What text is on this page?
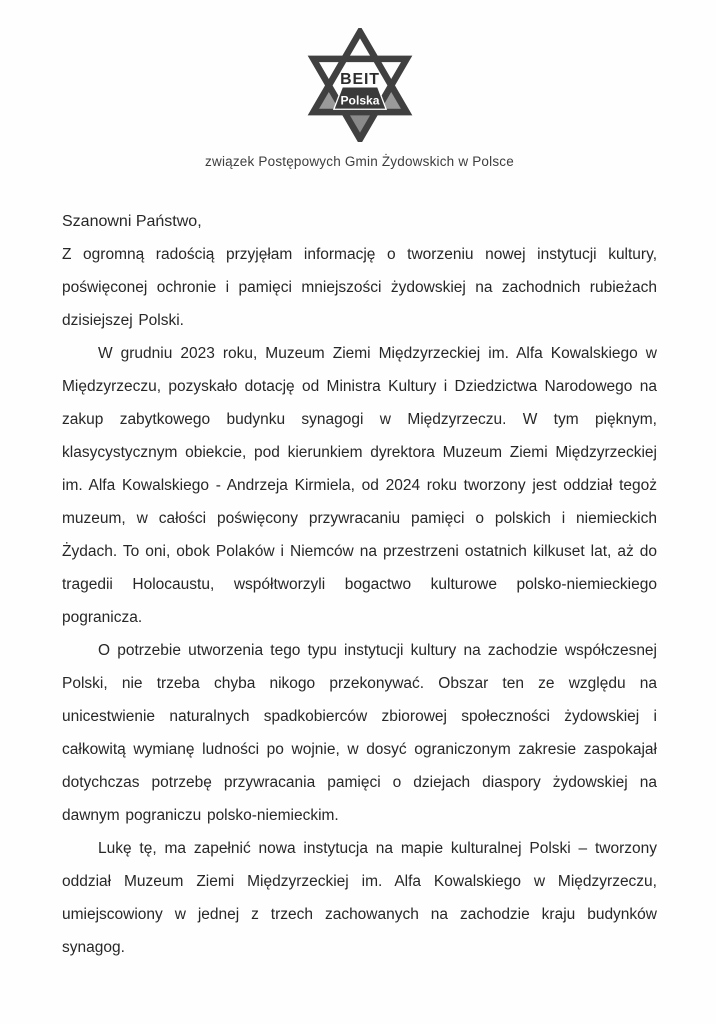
BEIT
Polska
związek Postępowych Gmin Żydowskich w Polsce

Szanowni Państwo,

Z ogromną radością przyjęłam informację o tworzeniu nowej instytucji kultury, poświęconej ochronie i pamięci mniejszości żydowskiej na zachodnich rubieżach dzisiejszej Polski.

W grudniu 2023 roku, Muzeum Ziemi Międzyrzeckiej im. Alfa Kowalskiego w Międzyrzeczu, pozyskało dotację od Ministra Kultury i Dziedzictwa Narodowego na zakup zabytkowego budynku synagogi w Międzyrzeczu. W tym pięknym, klasycystycznym obiekcie, pod kierunkiem dyrektora Muzeum Ziemi Międzyrzeckiej im. Alfa Kowalskiego - Andrzeja Kirmiela, od 2024 roku tworzony jest oddział tegoż muzeum, w całości poświęcony przywracaniu pamięci o polskich i niemieckich Żydach. To oni, obok Polaków i Niemców na przestrzeni ostatnich kilkuset lat, aż do tragedii Holocaustu, współtworzyli bogactwo kulturowe polsko-niemieckiego pogranicza.

O potrzebie utworzenia tego typu instytucji kultury na zachodzie współczesnej Polski, nie trzeba chyba nikogo przekonywać. Obszar ten ze względu na unicestwienie naturalnych spadkobierców zbiorowej społeczności żydowskiej i całkowitą wymianę ludności po wojnie, w dosyć ograniczonym zakresie zaspokajał dotychczas potrzebę przywracania pamięci o dziejach diaspory żydowskiej na dawnym pograniczu polsko-niemieckim.

Lukę tę, ma zapełnić nowa instytucja na mapie kulturalnej Polski – tworzony oddział Muzeum Ziemi Międzyrzeckiej im. Alfa Kowalskiego w Międzyrzeczu, umiejscowiony w jednej z trzech zachowanych na zachodzie kraju budynków synagog.
